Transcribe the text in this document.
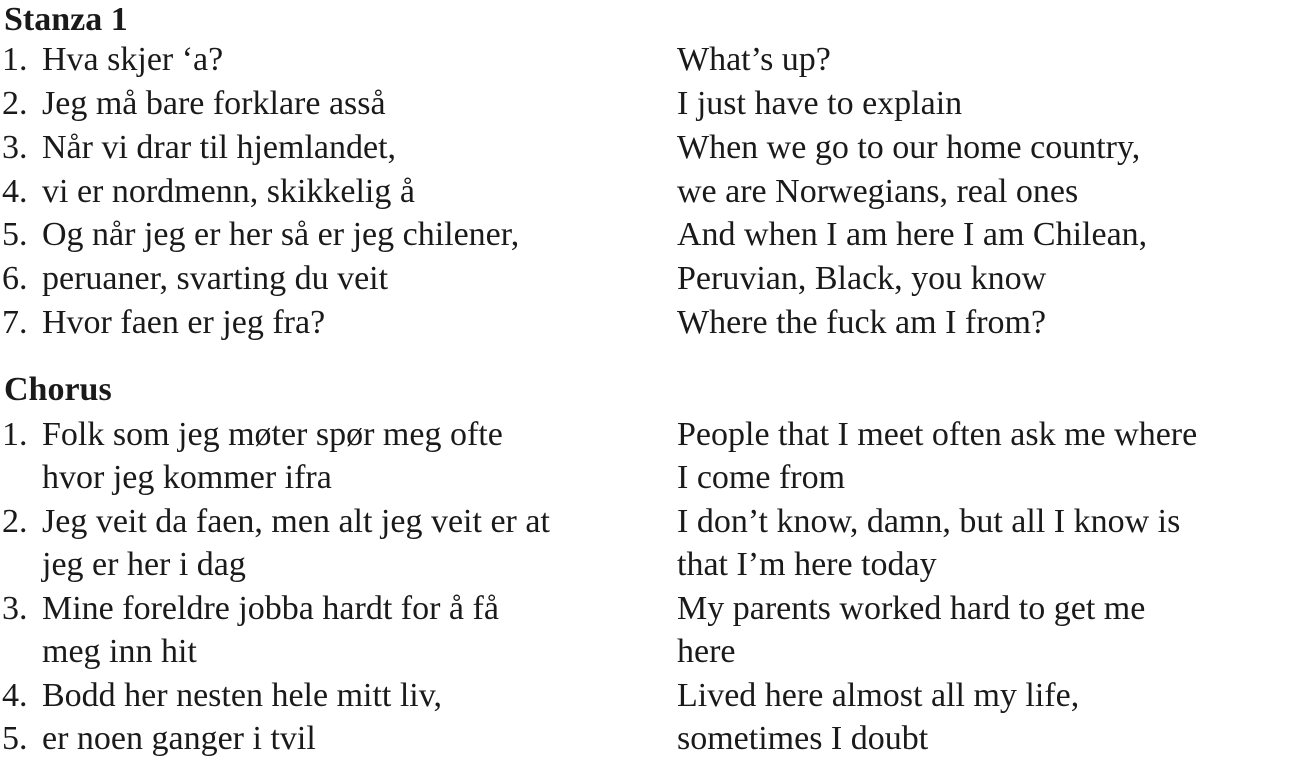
Stanza 1
1. Hva skjer ‘a?	What’s up?
2. Jeg må bare forklare asså	I just have to explain
3. Når vi drar til hjemlandet,	When we go to our home country,
4. vi er nordmenn, skikkelig å	we are Norwegians, real ones
5. Og når jeg er her så er jeg chilener,	And when I am here I am Chilean,
6. peruaner, svarting du veit	Peruvian, Black, you know
7. Hvor faen er jeg fra?	Where the fuck am I from?
Chorus
1. Folk som jeg møter spør meg ofte	People that I meet often ask me where
hvor jeg kommer ifra	I come from
2. Jeg veit da faen, men alt jeg veit er at	I don’t know, damn, but all I know is
jeg er her i dag	that I’m here today
3. Mine foreldre jobba hardt for å få	My parents worked hard to get me
meg inn hit	here
4. Bodd her nesten hele mitt liv,	Lived here almost all my life,
5. er noen ganger i tvil	sometimes I doubt
